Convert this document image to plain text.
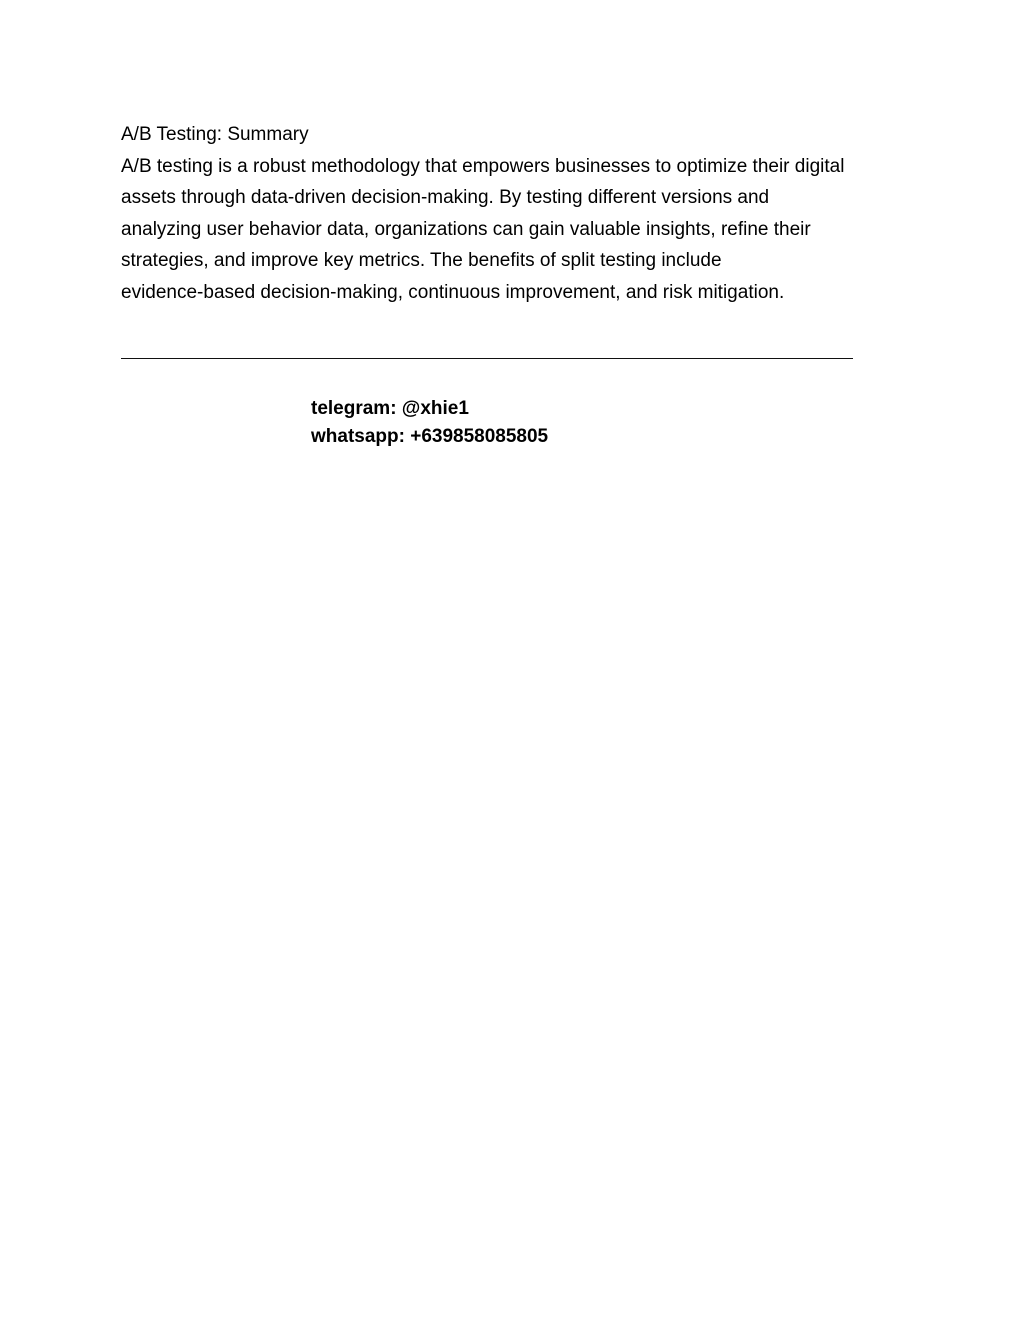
A/B Testing: Summary

A/B testing is a robust methodology that empowers businesses to optimize their digital

assets through data-driven decision-making. By testing different versions and

analyzing user behavior data, organizations can gain valuable insights, refine their

strategies, and improve key metrics. The benefits of split testing include

evidence-based decision-making, continuous improvement, and risk mitigation.

telegram: @xhie1
whatsapp: +639858085805
